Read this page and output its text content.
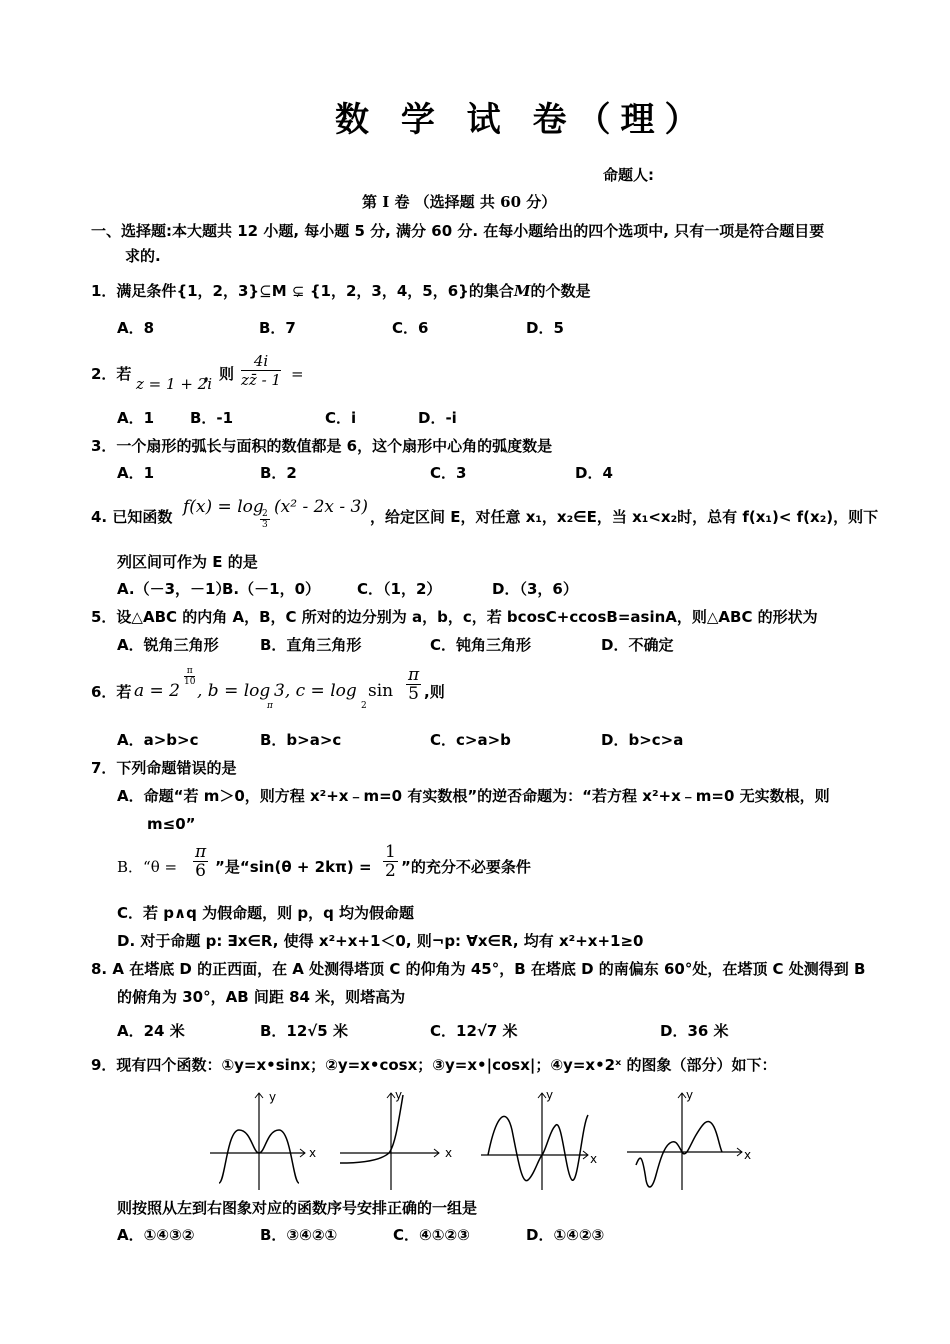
数 学 试 卷（理）
命题人:
第 I 卷 （选择题 共 60 分）
一、选择题:本大题共 12 小题, 每小题 5 分, 满分 60 分. 在每小题给出的四个选项中, 只有一项是符合题目要
求的.
1．满足条件{1，2，3}⊆M ⊊ {1，2，3，4，5，6}的集合M的个数是
A．8	B．7	C．6	D．5
2．若
z = 1 + 2i
，则 $\frac{4i}{zz̄ - 1}$ =
A．1 B．-1	C．i	D．-i
3．一个扇形的弧长与面积的数值都是 6，这个扇形中心角的弧度数是
A．1	B．2	C．3	D．4
4. 已知函数 f(x) = log
$\frac{2}{3}$
(x² - 2x - 3) ，给定区间 E，对任意 x₁，x₂∈E，当 x₁<x₂时，总有 f(x₁)< f(x₂)，则下
列区间可作为 E 的是
A.（－3，－1）
B.（－1，0） C．（1，2）	D．（3，6）
5．设△ABC 的内角 A，B，C 所对的边分别为 a，b，c，若 bcosC+ccosB=asinA，则△ABC 的形状为
A．锐角三角形	B．直角三角形	C．钝角三角形	D．不确定
6．若 a = 2
$\frac{\pi}{10}$
, b = log
π
3, c = log
2
$\sin \frac{\pi}{5}$ ,则
A．a>b>c	B．b>a>c	C．c>a>b	D．b>c>a
7．下列命题错误的是
A．命题“若 m＞0，则方程 x²+x﹣m=0 有实数根”的逆否命题为：“若方程 x²+x﹣m=0 无实数根，则
m≤0”
B．“$\theta = \frac{\pi}{6}$ ”是“$\sin(\theta + 2k\pi) = \frac{1}{2}$ ”的充分不必要条件
C．若 p∧q 为假命题，则 p，q 均为假命题
D. 对于命题 p: ∃x∈R, 使得 x²+x+1＜0, 则¬p: ∀x∈R, 均有 x²+x+1≥0
8. A 在塔底 D 的正西面，在 A 处测得塔顶 C 的仰角为 45°，B 在塔底 D 的南偏东 60°处，在塔顶 C 处测得到 B
的俯角为 30°，AB 间距 84 米，则塔高为
A．24 米	B．12√5 米	C．12√7 米	D．36 米
9．现有四个函数：①y=x•sinx；②y=x•cosx；③y=x•|cosx|；④y=x•2ˣ 的图象（部分）如下：
x
y
x
y
x
y
x
y
则按照从左到右图象对应的函数序号安排正确的一组是
A．①④③②	B．③④②①	C．④①②③	D．①④②③
